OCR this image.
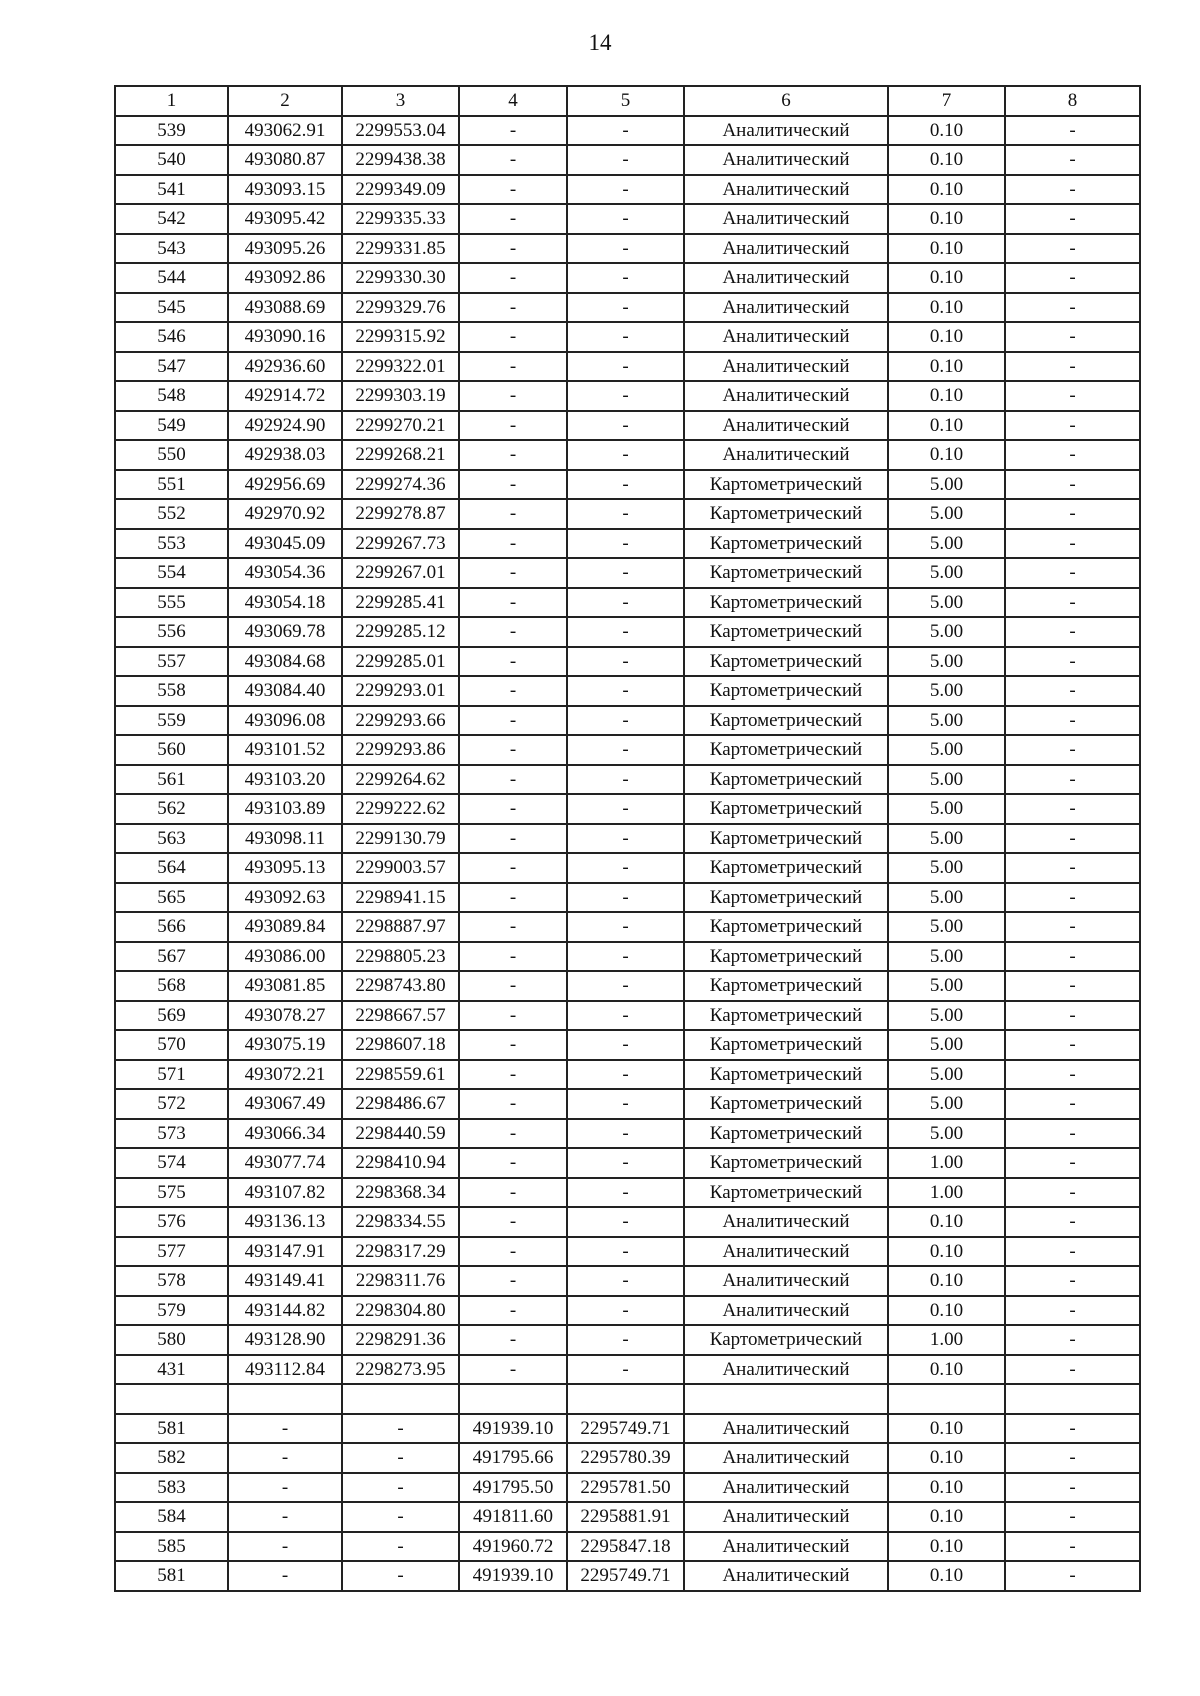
14
1	2	3	4	5	6	7	8
539	493062.91	2299553.04	-	-	Аналитический	0.10	-
540	493080.87	2299438.38	-	-	Аналитический	0.10	-
541	493093.15	2299349.09	-	-	Аналитический	0.10	-
542	493095.42	2299335.33	-	-	Аналитический	0.10	-
543	493095.26	2299331.85	-	-	Аналитический	0.10	-
544	493092.86	2299330.30	-	-	Аналитический	0.10	-
545	493088.69	2299329.76	-	-	Аналитический	0.10	-
546	493090.16	2299315.92	-	-	Аналитический	0.10	-
547	492936.60	2299322.01	-	-	Аналитический	0.10	-
548	492914.72	2299303.19	-	-	Аналитический	0.10	-
549	492924.90	2299270.21	-	-	Аналитический	0.10	-
550	492938.03	2299268.21	-	-	Аналитический	0.10	-
551	492956.69	2299274.36	-	-	Картометрический	5.00	-
552	492970.92	2299278.87	-	-	Картометрический	5.00	-
553	493045.09	2299267.73	-	-	Картометрический	5.00	-
554	493054.36	2299267.01	-	-	Картометрический	5.00	-
555	493054.18	2299285.41	-	-	Картометрический	5.00	-
556	493069.78	2299285.12	-	-	Картометрический	5.00	-
557	493084.68	2299285.01	-	-	Картометрический	5.00	-
558	493084.40	2299293.01	-	-	Картометрический	5.00	-
559	493096.08	2299293.66	-	-	Картометрический	5.00	-
560	493101.52	2299293.86	-	-	Картометрический	5.00	-
561	493103.20	2299264.62	-	-	Картометрический	5.00	-
562	493103.89	2299222.62	-	-	Картометрический	5.00	-
563	493098.11	2299130.79	-	-	Картометрический	5.00	-
564	493095.13	2299003.57	-	-	Картометрический	5.00	-
565	493092.63	2298941.15	-	-	Картометрический	5.00	-
566	493089.84	2298887.97	-	-	Картометрический	5.00	-
567	493086.00	2298805.23	-	-	Картометрический	5.00	-
568	493081.85	2298743.80	-	-	Картометрический	5.00	-
569	493078.27	2298667.57	-	-	Картометрический	5.00	-
570	493075.19	2298607.18	-	-	Картометрический	5.00	-
571	493072.21	2298559.61	-	-	Картометрический	5.00	-
572	493067.49	2298486.67	-	-	Картометрический	5.00	-
573	493066.34	2298440.59	-	-	Картометрический	5.00	-
574	493077.74	2298410.94	-	-	Картометрический	1.00	-
575	493107.82	2298368.34	-	-	Картометрический	1.00	-
576	493136.13	2298334.55	-	-	Аналитический	0.10	-
577	493147.91	2298317.29	-	-	Аналитический	0.10	-
578	493149.41	2298311.76	-	-	Аналитический	0.10	-
579	493144.82	2298304.80	-	-	Аналитический	0.10	-
580	493128.90	2298291.36	-	-	Картометрический	1.00	-
431	493112.84	2298273.95	-	-	Аналитический	0.10	-

581	-	-	491939.10	2295749.71	Аналитический	0.10	-
582	-	-	491795.66	2295780.39	Аналитический	0.10	-
583	-	-	491795.50	2295781.50	Аналитический	0.10	-
584	-	-	491811.60	2295881.91	Аналитический	0.10	-
585	-	-	491960.72	2295847.18	Аналитический	0.10	-
581	-	-	491939.10	2295749.71	Аналитический	0.10	-
